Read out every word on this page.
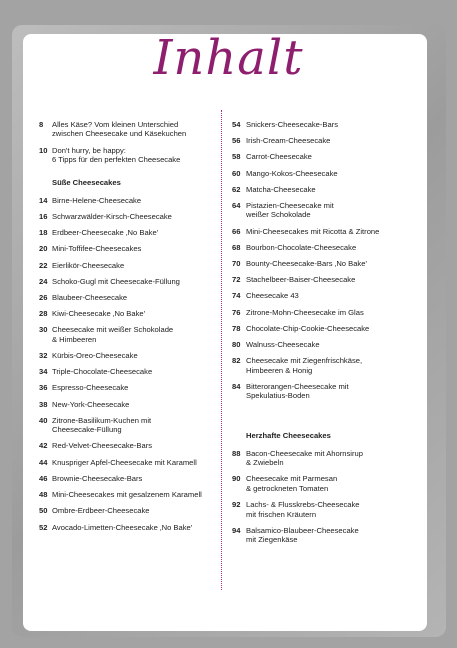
Inhalt
8	Alles Käse? Vom kleinen Unterschied
zwischen Cheesecake und Käsekuchen
10 Don't hurry, be happy:
6 Tipps für den perfekten Cheesecake
Süße Cheesecakes
14 Birne-Helene-Cheesecake
16 Schwarzwälder-Kirsch-Cheesecake
18 Erdbeer-Cheesecake ‚No Bake'
20 Mini-Toffifee-Cheesecakes
22 Eierlikör-Cheesecake
24 Schoko-Gugl mit Cheesecake-Füllung
26 Blaubeer-Cheesecake
28 Kiwi-Cheesecake ‚No Bake'
30 Cheesecake mit weißer Schokolade
& Himbeeren
32 Kürbis-Oreo-Cheesecake
34 Triple-Chocolate-Cheesecake
36 Espresso-Cheesecake
38 New-York-Cheesecake
40 Zitrone-Basilikum-Kuchen mit
Cheesecake-Füllung
42 Red-Velvet-Cheesecake-Bars
44 Knuspriger Apfel-Cheesecake mit Karamell
46 Brownie-Cheesecake-Bars
48 Mini-Cheesecakes mit gesalzenem Karamell
50 Ombre-Erdbeer-Cheesecake
52 Avocado-Limetten-Cheesecake ‚No Bake'
54 Snickers-Cheesecake-Bars
56 Irish-Cream-Cheesecake
58 Carrot-Cheesecake
60 Mango-Kokos-Cheesecake
62 Matcha-Cheesecake
64 Pistazien-Cheesecake mit
weißer Schokolade
66 Mini-Cheesecakes mit Ricotta & Zitrone
68 Bourbon-Chocolate-Cheesecake
70 Bounty-Cheesecake-Bars ‚No Bake'
72 Stachelbeer-Baiser-Cheesecake
74 Cheesecake 43
76 Zitrone-Mohn-Cheesecake im Glas
78 Chocolate-Chip-Cookie-Cheesecake
80 Walnuss-Cheesecake
82 Cheesecake mit Ziegenfrischkäse,
Himbeeren & Honig
84 Bitterorangen-Cheesecake mit
Spekulatius-Boden
Herzhafte Cheesecakes
88 Bacon-Cheesecake mit Ahornsirup
& Zwiebeln
90 Cheesecake mit Parmesan
& getrockneten Tomaten
92 Lachs- & Flusskrebs-Cheesecake
mit frischen Kräutern
94 Balsamico-Blaubeer-Cheesecake
mit Ziegenkäse
